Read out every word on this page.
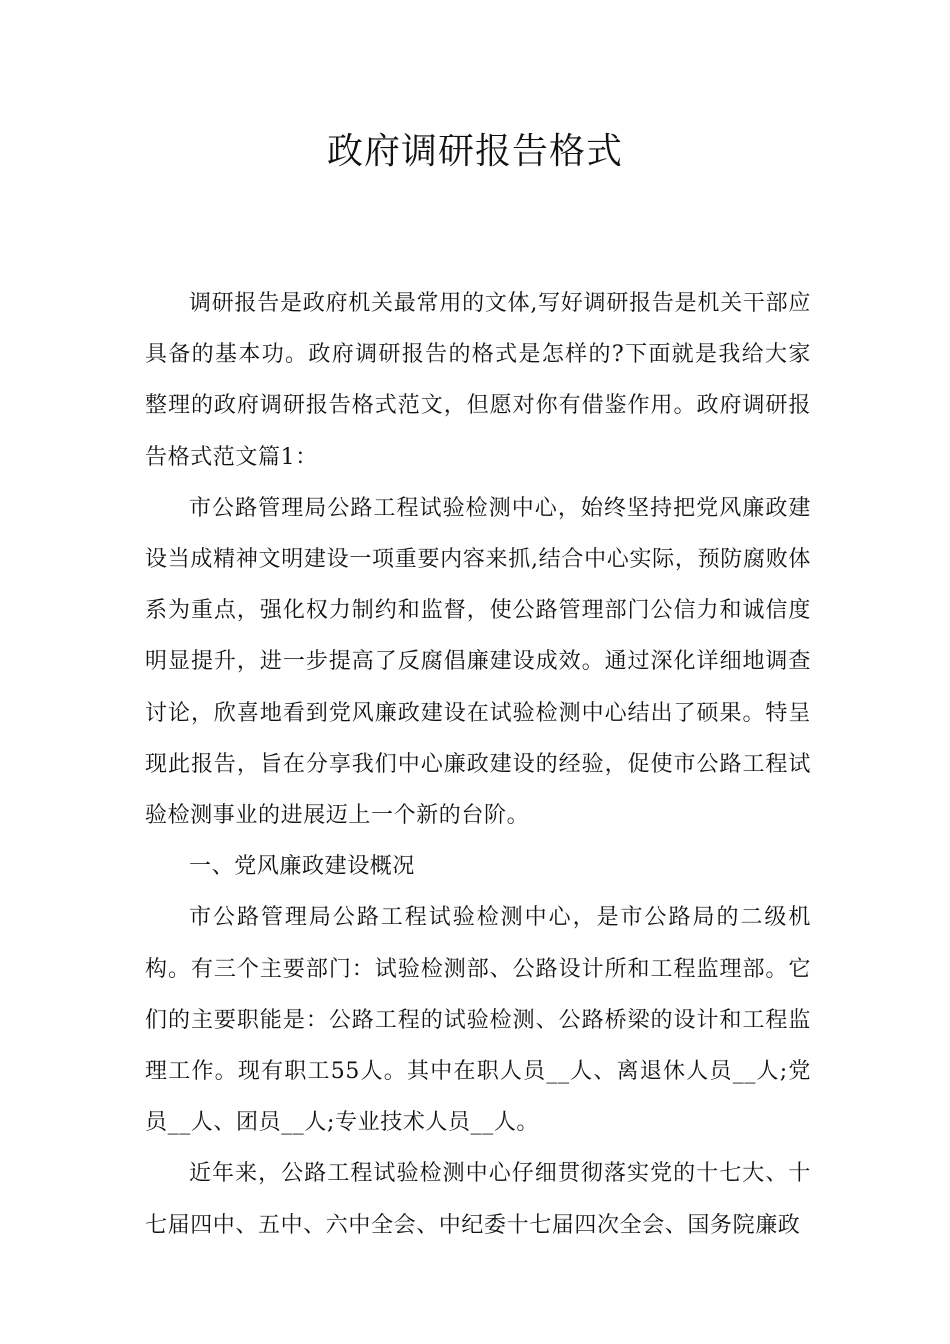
政府调研报告格式

调研报告是政府机关最常用的文体,写好调研报告是机关干部应具备的基本功。政府调研报告的格式是怎样的?下面就是我给大家整理的政府调研报告格式范文，但愿对你有借鉴作用。政府调研报告格式范文篇1：

市公路管理局公路工程试验检测中心，始终坚持把党风廉政建设当成精神文明建设一项重要内容来抓,结合中心实际，预防腐败体系为重点，强化权力制约和监督，使公路管理部门公信力和诚信度明显提升，进一步提高了反腐倡廉建设成效。通过深化详细地调查讨论，欣喜地看到党风廉政建设在试验检测中心结出了硕果。特呈现此报告，旨在分享我们中心廉政建设的经验，促使市公路工程试验检测事业的进展迈上一个新的台阶。

一、党风廉政建设概况

市公路管理局公路工程试验检测中心，是市公路局的二级机构。有三个主要部门：试验检测部、公路设计所和工程监理部。它们的主要职能是：公路工程的试验检测、公路桥梁的设计和工程监理工作。现有职工55人。其中在职人员__人、离退休人员__人;党员__人、团员__人;专业技术人员__人。

近年来，公路工程试验检测中心仔细贯彻落实党的十七大、十七届四中、五中、六中全会、中纪委十七届四次全会、国务院廉政
